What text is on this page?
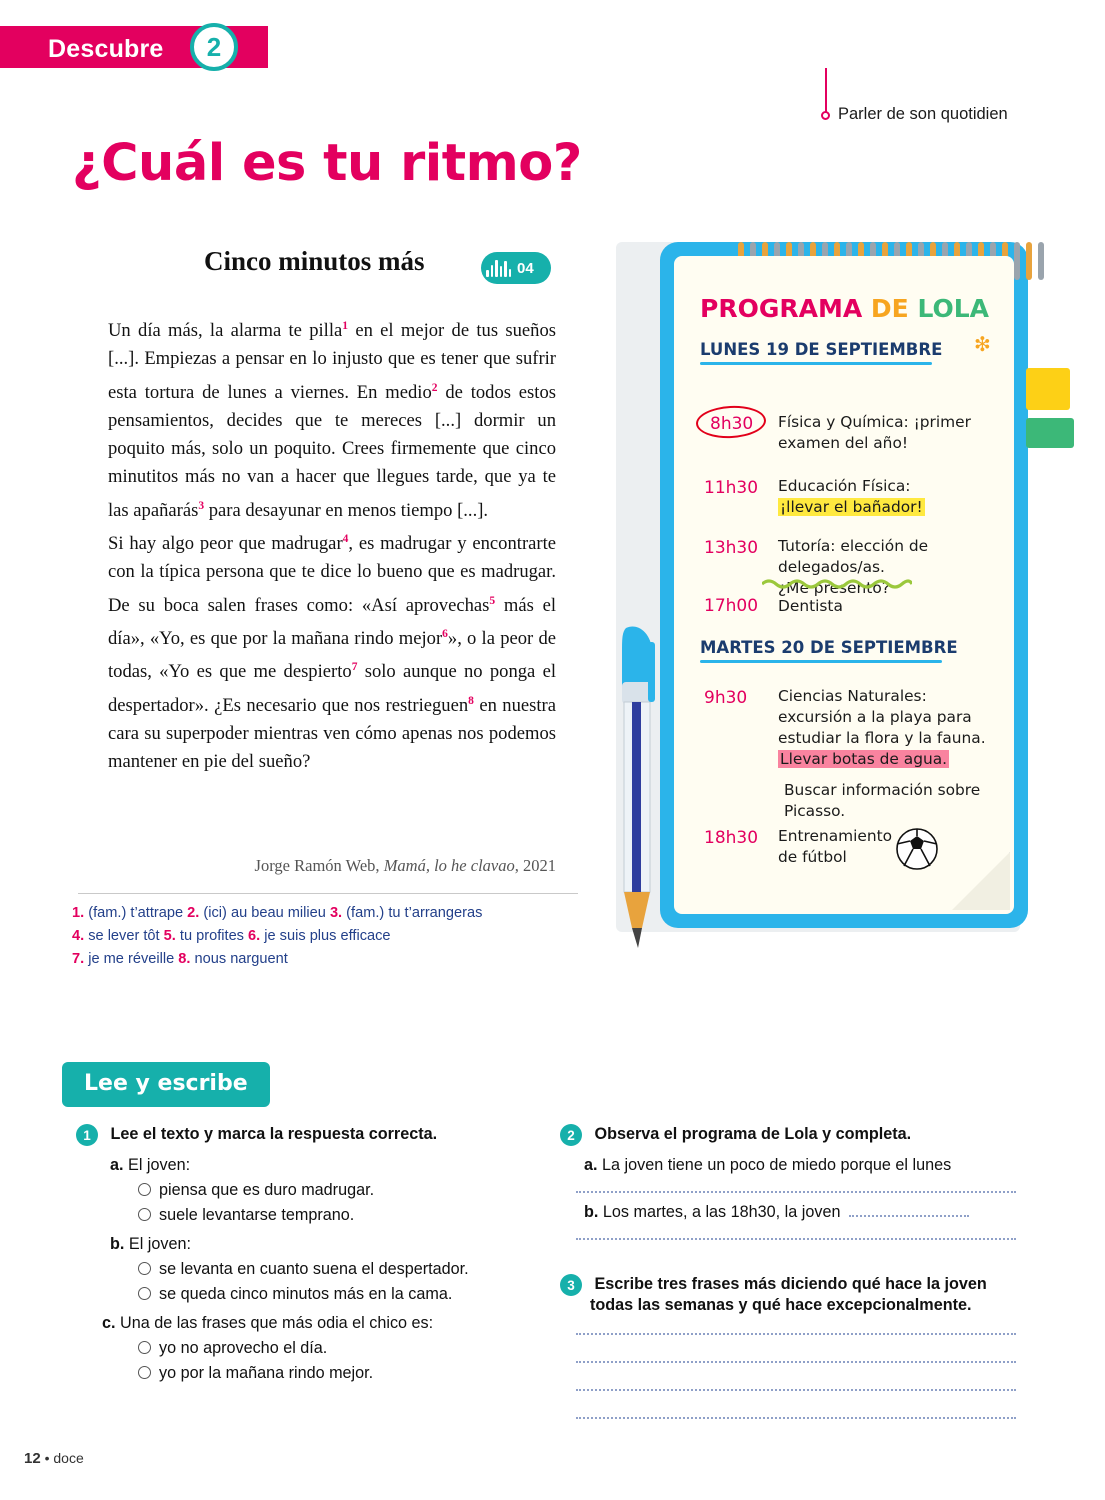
Descubre	2
Parler de son quotidien
¿Cuál es tu ritmo?
Cinco minutos más	04

Un día más, la alarma te pilla$^1$ en el mejor de tus sueños [...]. Empiezas a pensar en lo injusto que es tener que sufrir esta tortura de lunes a viernes. En medio$^2$ de todos estos pensamientos, decides que te mereces [...] dormir un poquito más, solo un poquito. Crees firmemente que cinco minutitos más no van a hacer que llegues tarde, que ya te las apañarás$^3$ para desayunar en menos tiempo [...].

Si hay algo peor que madrugar$^4$, es madrugar y encontrarte con la típica persona que te dice lo bueno que es madrugar. De su boca salen frases como: «Así aprovechas$^5$ más el día», «Yo, es que por la mañana rindo mejor$^6$», o la peor de todas, «Yo es que me despierto$^7$ solo aunque no ponga el despertador». ¿Es necesario que nos restrieguen$^8$ en nuestra cara su superpoder mientras ven cómo apenas nos podemos mantener en pie del sueño?

Jorge Ramón Web, Mamá, lo he clavao, 2021
1. (fam.) t’attrape 2. (ici) au beau milieu 3. (fam.) tu t’arrangeras
4. se lever tôt 5. tu profites 6. je suis plus efficace
7. je me réveille 8. nous narguent
PROGRAMA DE LOLA
❇
LUNES 19 DE SEPTIEMBRE
8h30 Física y Química: ¡primer
examen del año!
11h30 Educación Física:
¡llevar el bañador!
13h30 Tutoría: elección de delegados/as.
¿Me presento?
17h00 Dentista
MARTES 20 DE SEPTIEMBRE
9h30 Ciencias Naturales:
excursión a la playa para
estudiar la flora y la fauna.
Llevar botas de agua.
Buscar información sobre Picasso.
18h30 Entrenamiento
de fútbol
Lee y escribe
1 Lee el texto y marca la respuesta correcta.
a. El joven:
piensa que es duro madrugar.
suele levantarse temprano.
b. El joven:
se levanta en cuanto suena el despertador.
se queda cinco minutos más en la cama.
c. Una de las frases que más odia el chico es:
yo no aprovecho el día.
yo por la mañana rindo mejor.
2 Observa el programa de Lola y completa.
a. La joven tiene un poco de miedo porque el lunes
b. Los martes, a las 18h30, la joven
3 Escribe tres frases más diciendo qué hace la joven
todas las semanas y qué hace excepcionalmente.
12 • doce
